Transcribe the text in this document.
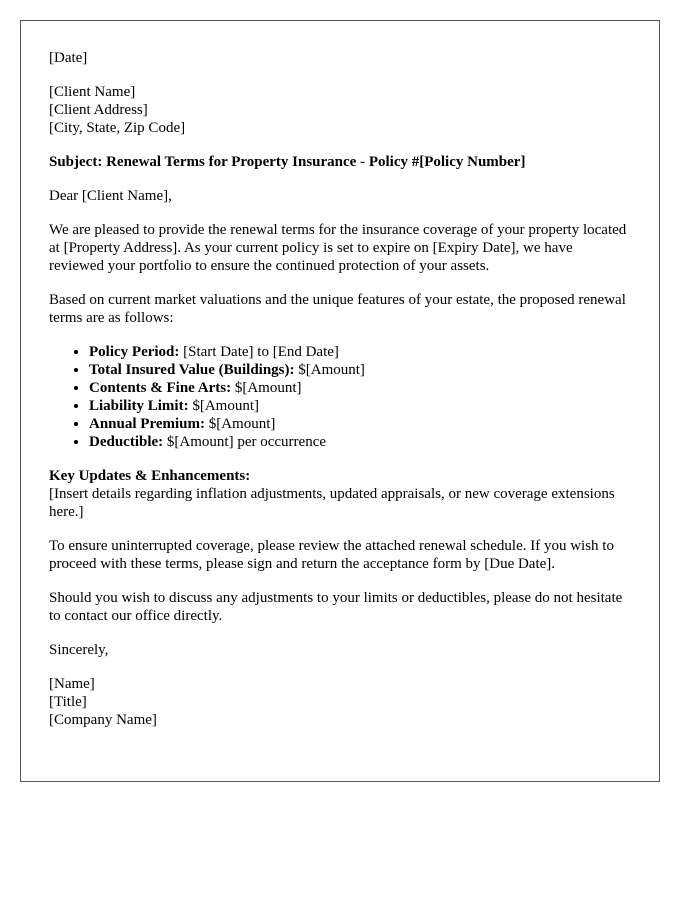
[Date]

[Client Name]
[Client Address]
[City, State, Zip Code]

Subject: Renewal Terms for Property Insurance - Policy #[Policy Number]

Dear [Client Name],

We are pleased to provide the renewal terms for the insurance coverage of your property located at [Property Address]. As your current policy is set to expire on [Expiry Date], we have reviewed your portfolio to ensure the continued protection of your assets.

Based on current market valuations and the unique features of your estate, the proposed renewal terms are as follows:

• Policy Period: [Start Date] to [End Date]
• Total Insured Value (Buildings): $[Amount]
• Contents & Fine Arts: $[Amount]
• Liability Limit: $[Amount]
• Annual Premium: $[Amount]
• Deductible: $[Amount] per occurrence
Key Updates & Enhancements:
[Insert details regarding inflation adjustments, updated appraisals, or new coverage extensions here.]

To ensure uninterrupted coverage, please review the attached renewal schedule. If you wish to proceed with these terms, please sign and return the acceptance form by [Due Date].

Should you wish to discuss any adjustments to your limits or deductibles, please do not hesitate to contact our office directly.

Sincerely,

[Name]
[Title]
[Company Name]
